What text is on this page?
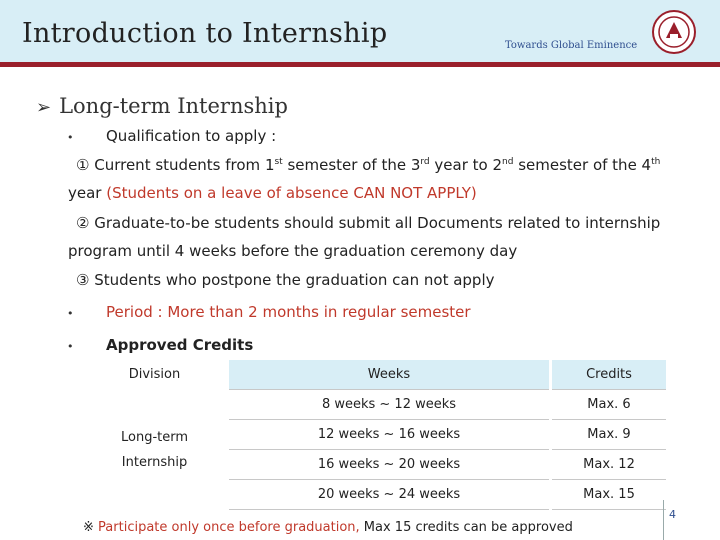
Introduction to Internship	Towards Global Eminence
➢ Long-term Internship
• Qualification to apply :
① Current students from 1st semester of the 3rd year to 2nd semester of the 4th
year (Students on a leave of absence CAN NOT APPLY)
② Graduate-to-be students should submit all Documents related to internship
program until 4 weeks before the graduation ceremony day
③ Students who postpone the graduation can not apply
• Period : More than 2 months in regular semester
• Approved Credits
Division		Weeks		Credits

Long-term
Internship		8 weeks ~ 12 weeks		Max. 6
		12 weeks ~ 16 weeks		Max. 9
		16 weeks ~ 20 weeks		Max. 12
		20 weeks ~ 24 weeks		Max. 15
※ Participate only once before graduation, Max 15 credits can be approved
4
